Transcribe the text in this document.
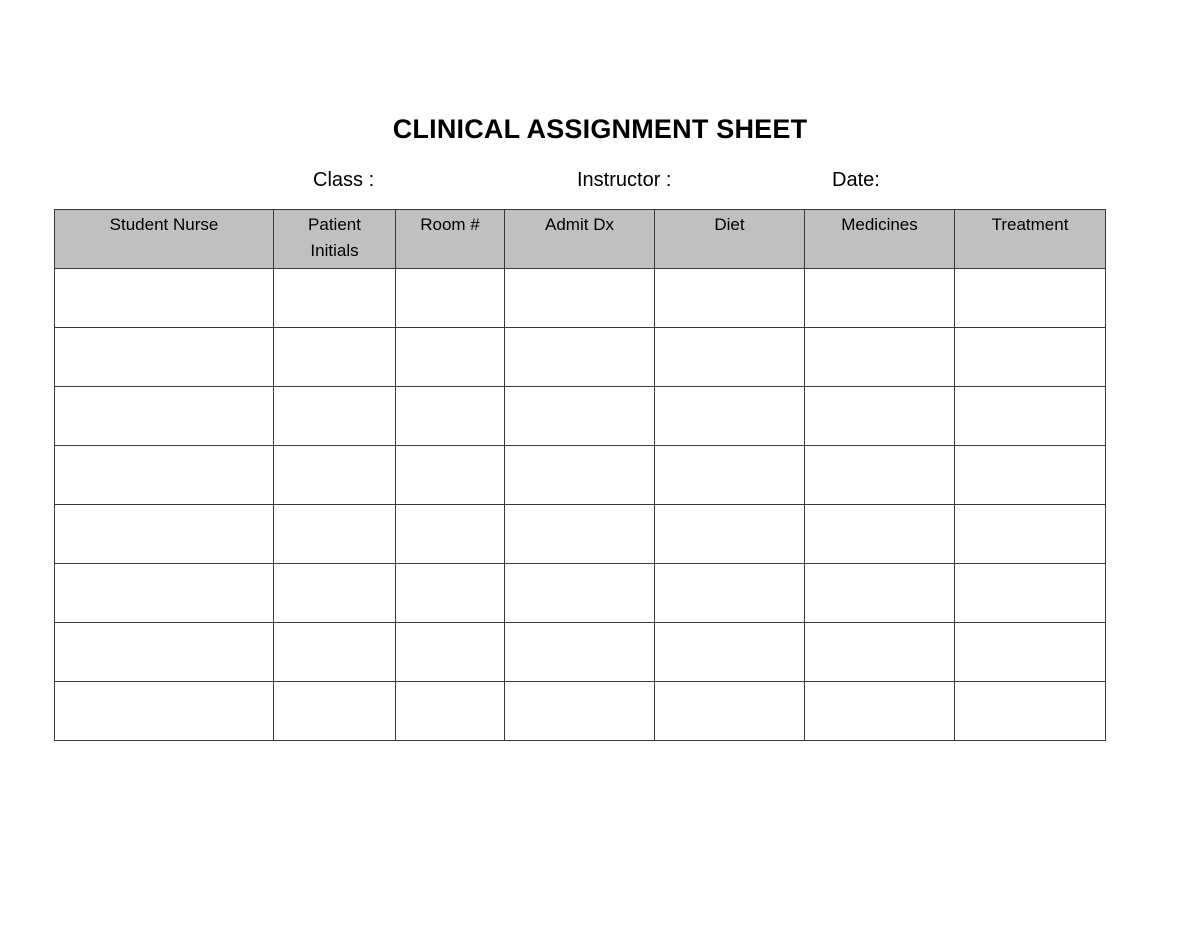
CLINICAL ASSIGNMENT SHEET
Class :	Instructor :	Date:
Student Nurse	Patient Initials	Room #	Admit Dx	Diet	Medicines	Treatment
